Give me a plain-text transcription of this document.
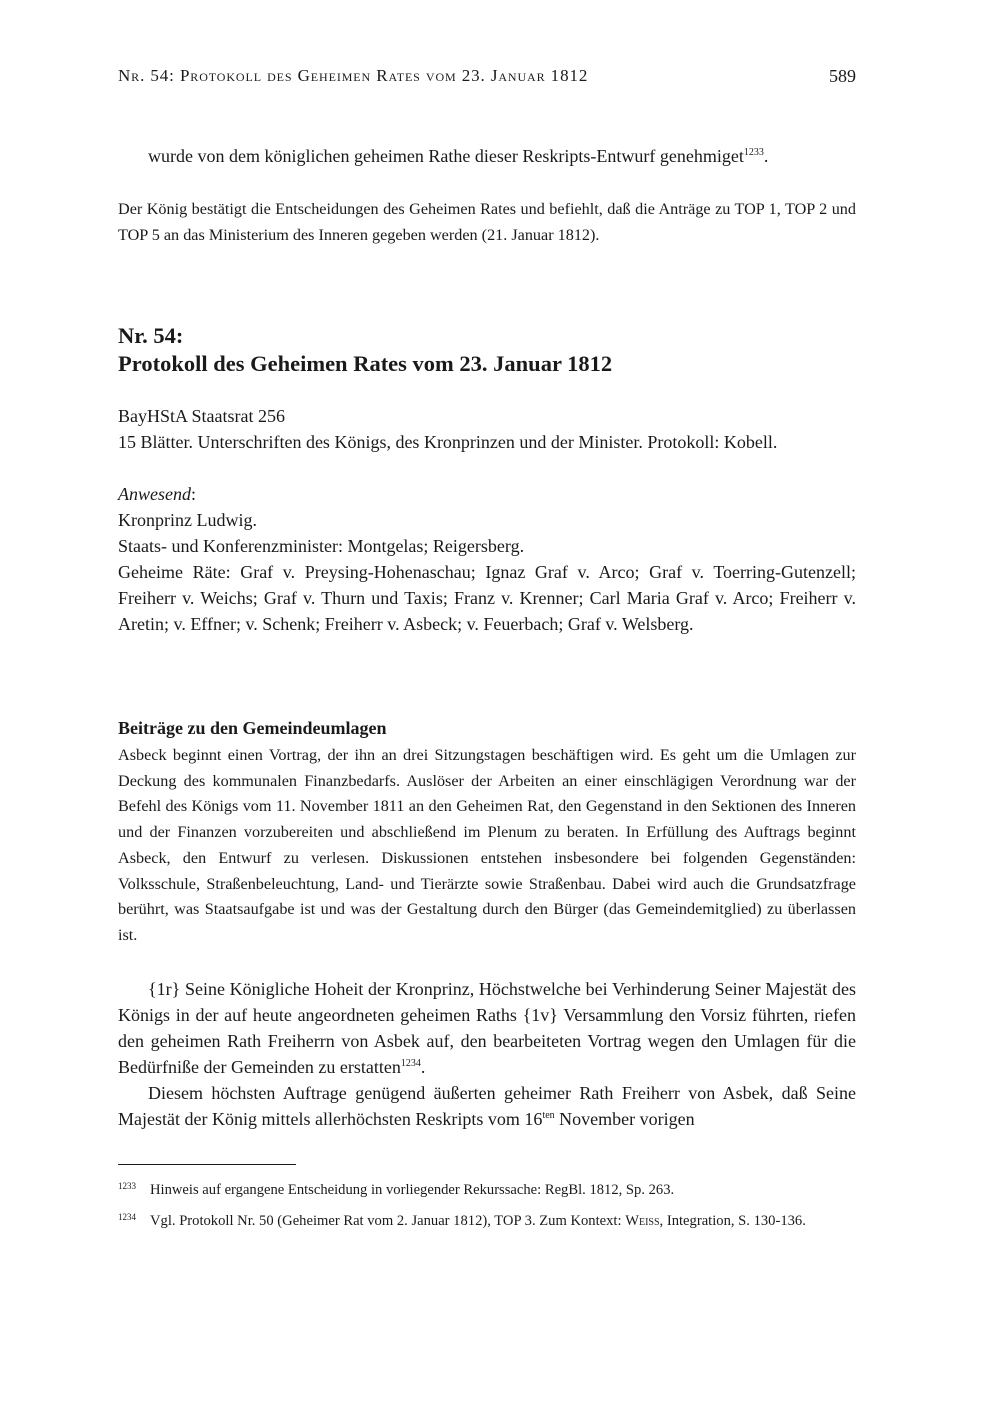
Nr. 54: Protokoll des Geheimen Rates vom 23. Januar 1812	589

wurde von dem königlichen geheimen Rathe dieser Reskripts-Entwurf genehmiget$^{1233}$.

Der König bestätigt die Entscheidungen des Geheimen Rates und befiehlt, daß die Anträge zu TOP 1, TOP 2 und TOP 5 an das Ministerium des Inneren gegeben werden (21. Januar 1812).

Nr. 54:
Protokoll des Geheimen Rates vom 23. Januar 1812
BayHStA Staatsrat 256
15 Blätter. Unterschriften des Königs, des Kronprinzen und der Minister. Protokoll: Kobell.
Anwesend:
Kronprinz Ludwig.
Staats- und Konferenzminister: Montgelas; Reigersberg.

Geheime Räte: Graf v. Preysing-Hohenaschau; Ignaz Graf v. Arco; Graf v. Toerring-Gutenzell; Freiherr v. Weichs; Graf v. Thurn und Taxis; Franz v. Krenner; Carl Maria Graf v. Arco; Freiherr v. Aretin; v. Effner; v. Schenk; Freiherr v. Asbeck; v. Feuerbach; Graf v. Welsberg.

Beiträge zu den Gemeindeumlagen

Asbeck beginnt einen Vortrag, der ihn an drei Sitzungstagen beschäftigen wird. Es geht um die Umlagen zur Deckung des kommunalen Finanzbedarfs. Auslöser der Arbeiten an einer einschlägigen Verordnung war der Befehl des Königs vom 11. November 1811 an den Geheimen Rat, den Gegenstand in den Sektionen des Inneren und der Finanzen vorzubereiten und abschließend im Plenum zu beraten. In Erfüllung des Auftrags beginnt Asbeck, den Entwurf zu verlesen. Diskussionen entstehen insbesondere bei folgenden Gegenständen: Volksschule, Straßenbeleuchtung, Land- und Tierärzte sowie Straßenbau. Dabei wird auch die Grundsatzfrage berührt, was Staatsaufgabe ist und was der Gestaltung durch den Bürger (das Gemeindemitglied) zu überlassen ist.

{1r} Seine Königliche Hoheit der Kronprinz, Höchstwelche bei Verhinderung Seiner Majestät des Königs in der auf heute angeordneten geheimen Raths {1v} Versammlung den Vorsiz führten, riefen den geheimen Rath Freiherrn von Asbek auf, den bearbeiteten Vortrag wegen den Umlagen für die Bedürfniße der Gemeinden zu erstatten$^{1234}$.

Diesem höchsten Auftrage genügend äußerten geheimer Rath Freiherr von Asbek, daß Seine Majestät der König mittels allerhöchsten Reskripts vom $16^{ten}$ November vorigen

$^{1233}$ Hinweis auf ergangene Entscheidung in vorliegender Rekurssache: RegBl. 1812, Sp. 263.

$^{1234}$ Vgl. Protokoll Nr. 50 (Geheimer Rat vom 2. Januar 1812), TOP 3. Zum Kontext: Weiss, Integration, S. 130-136.
